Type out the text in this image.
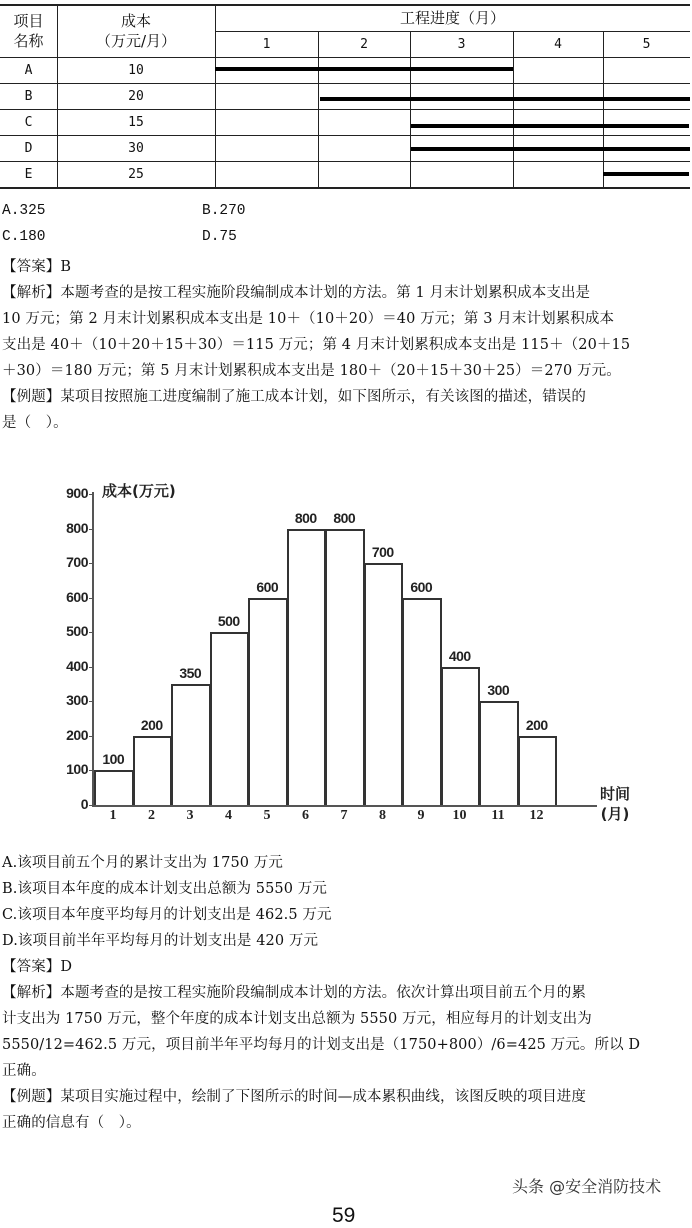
项目
名称
成本
（万元/月）
工程进度（月）
1	2	3	4	5
A	10
B	20
C	15
D	30
E	25
A.325	B.270
C.180	D.75
【答案】B
【解析】本题考查的是按工程实施阶段编制成本计划的方法。第 1 月末计划累积成本支出是
10 万元；第 2 月末计划累积成本支出是 10＋（10＋20）＝40 万元；第 3 月末计划累积成本
支出是 40＋（10＋20＋15＋30）＝115 万元；第 4 月末计划累积成本支出是 115＋（20＋15
＋30）＝180 万元；第 5 月末计划累积成本支出是 180＋（20＋15＋30＋25）＝270 万元。
【例题】某项目按照施工进度编制了施工成本计划，如下图所示，有关该图的描述，错误的
是（　）。
成本(万元)
时间
(月)
0
100
200
300
400
500
600
700
800
900
100
1
200
2
350
3
500
4
600
5
800
6
800
7
700
8
600
9
400
10
300
11
200
12
A.该项目前五个月的累计支出为 1750 万元
B.该项目本年度的成本计划支出总额为 5550 万元
C.该项目本年度平均每月的计划支出是 462.5 万元
D.该项目前半年平均每月的计划支出是 420 万元
【答案】D
【解析】本题考查的是按工程实施阶段编制成本计划的方法。依次计算出项目前五个月的累
计支出为 1750 万元，整个年度的成本计划支出总额为 5550 万元，相应每月的计划支出为
5550/12=462.5 万元，项目前半年平均每月的计划支出是（1750+800）/6=425 万元。所以 D
正确。
【例题】某项目实施过程中，绘制了下图所示的时间—成本累积曲线，该图反映的项目进度
正确的信息有（　）。
头条 @安全消防技术
59
